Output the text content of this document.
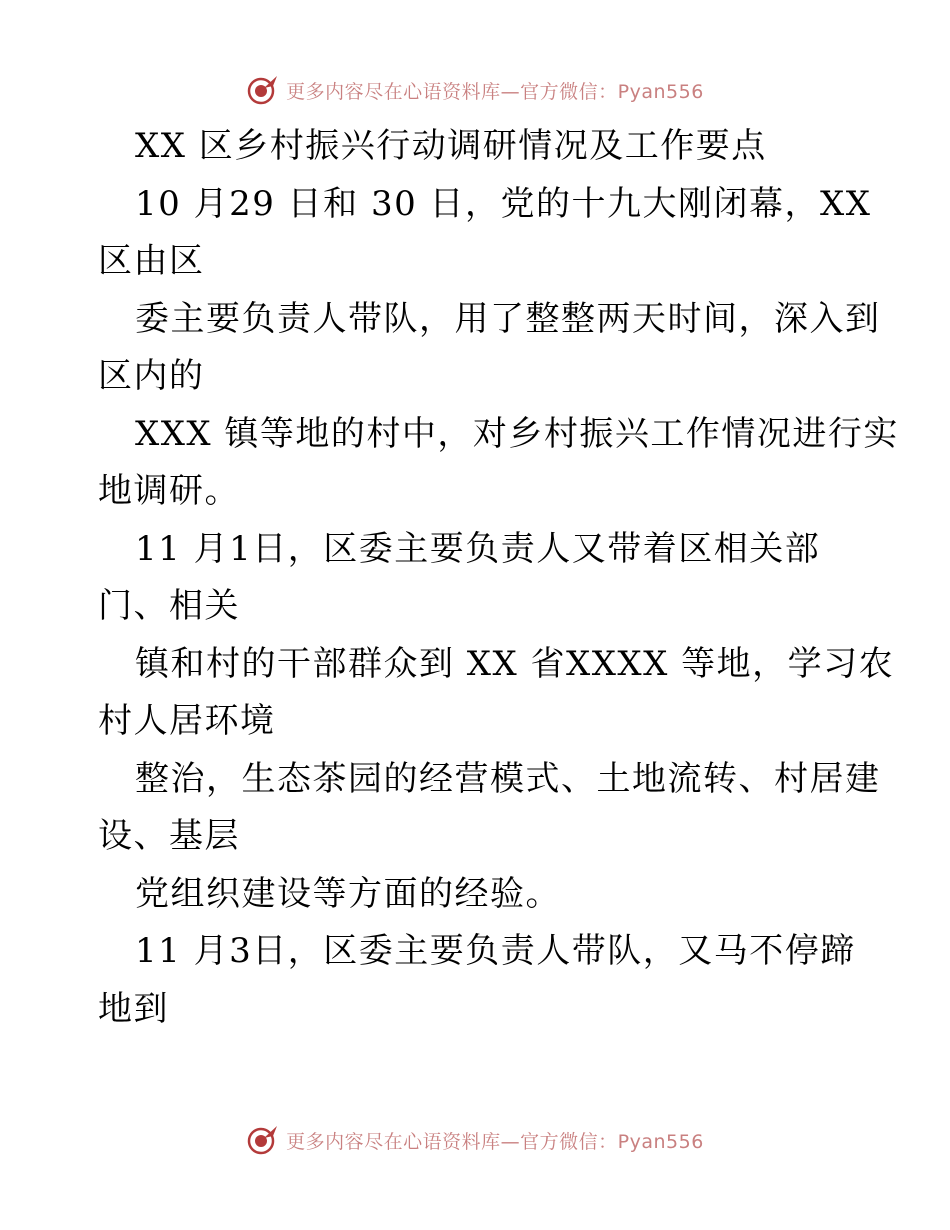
更多内容尽在心语资料库—官方微信：Pyan556
XX 区乡村振兴行动调研情况及工作要点
10 月29 日和 30 日，党的十九大刚闭幕，XX
区由区
委主要负责人带队，用了整整两天时间，深入到
区内的
XXX 镇等地的村中，对乡村振兴工作情况进行实
地调研。
11 月1日，区委主要负责人又带着区相关部
门、相关
镇和村的干部群众到 XX 省XXXX 等地，学习农
村人居环境
整治，生态茶园的经营模式、土地流转、村居建
设、基层
党组织建设等方面的经验。
11 月3日，区委主要负责人带队，又马不停蹄
地到
更多内容尽在心语资料库—官方微信：Pyan556
